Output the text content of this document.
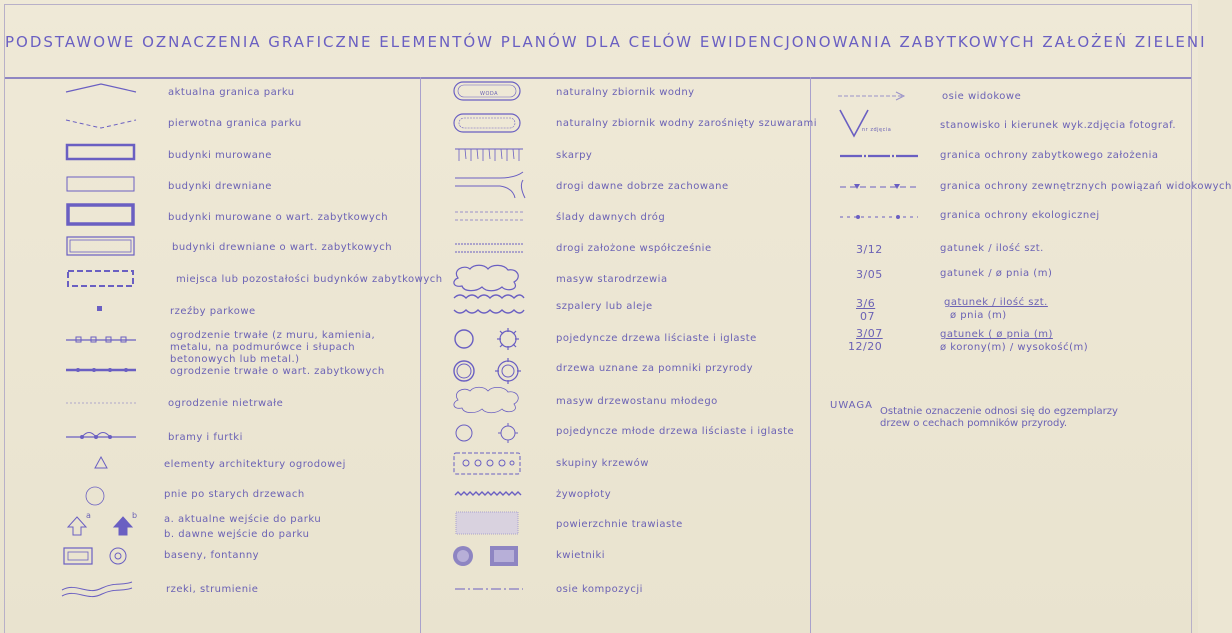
PODSTAWOWE OZNACZENIA GRAFICZNE ELEMENTÓW PLANÓW DLA CELÓW EWIDENCJONOWANIA ZABYTKOWYCH ZAŁOŻEŃ ZIELENI
aktualna granica parku
pierwotna granica parku
budynki murowane
budynki drewniane
budynki murowane o wart. zabytkowych
budynki drewniane o wart. zabytkowych
miejsca lub pozostałości budynków zabytkowych
rzeźby parkowe
ogrodzenie trwałe (z muru, kamienia, metalu, na podmurówce i słupach betonowych lub metal.)
ogrodzenie trwałe o wart. zabytkowych
ogrodzenie nietrwałe
bramy i furtki
elementy architektury ogrodowej
pnie po starych drzewach
a. aktualne wejście do parku
b. dawne wejście do parku
a	b
baseny, fontanny
rzeki, strumienie
naturalny zbiornik wodny
WODA
naturalny zbiornik wodny zarośnięty szuwarami
skarpy
drogi dawne dobrze zachowane
ślady dawnych dróg
drogi założone współcześnie
masyw starodrzewia
szpalery lub aleje
pojedyncze drzewa liściaste i iglaste
drzewa uznane za pomniki przyrody
masyw drzewostanu młodego
pojedyncze młode drzewa liściaste i iglaste
skupiny krzewów
żywopłoty
powierzchnie trawiaste
kwietniki
osie kompozycji
osie widokowe
stanowisko i kierunek wyk.zdjęcia fotograf.
nr zdjęcia
granica ochrony zabytkowego założenia
granica ochrony zewnętrznych powiązań widokowych
granica ochrony ekologicznej
gatunek / ilość szt.
3/12
gatunek / ø pnia (m)
3/05
gatunek / ilość szt.
ø pnia (m)
3/6
07
gatunek ( ø pnia (m)
ø korony(m) / wysokość(m)
3/07
12/20
UWAGA
Ostatnie oznaczenie odnosi się do egzemplarzy drzew o cechach pomników przyrody.
